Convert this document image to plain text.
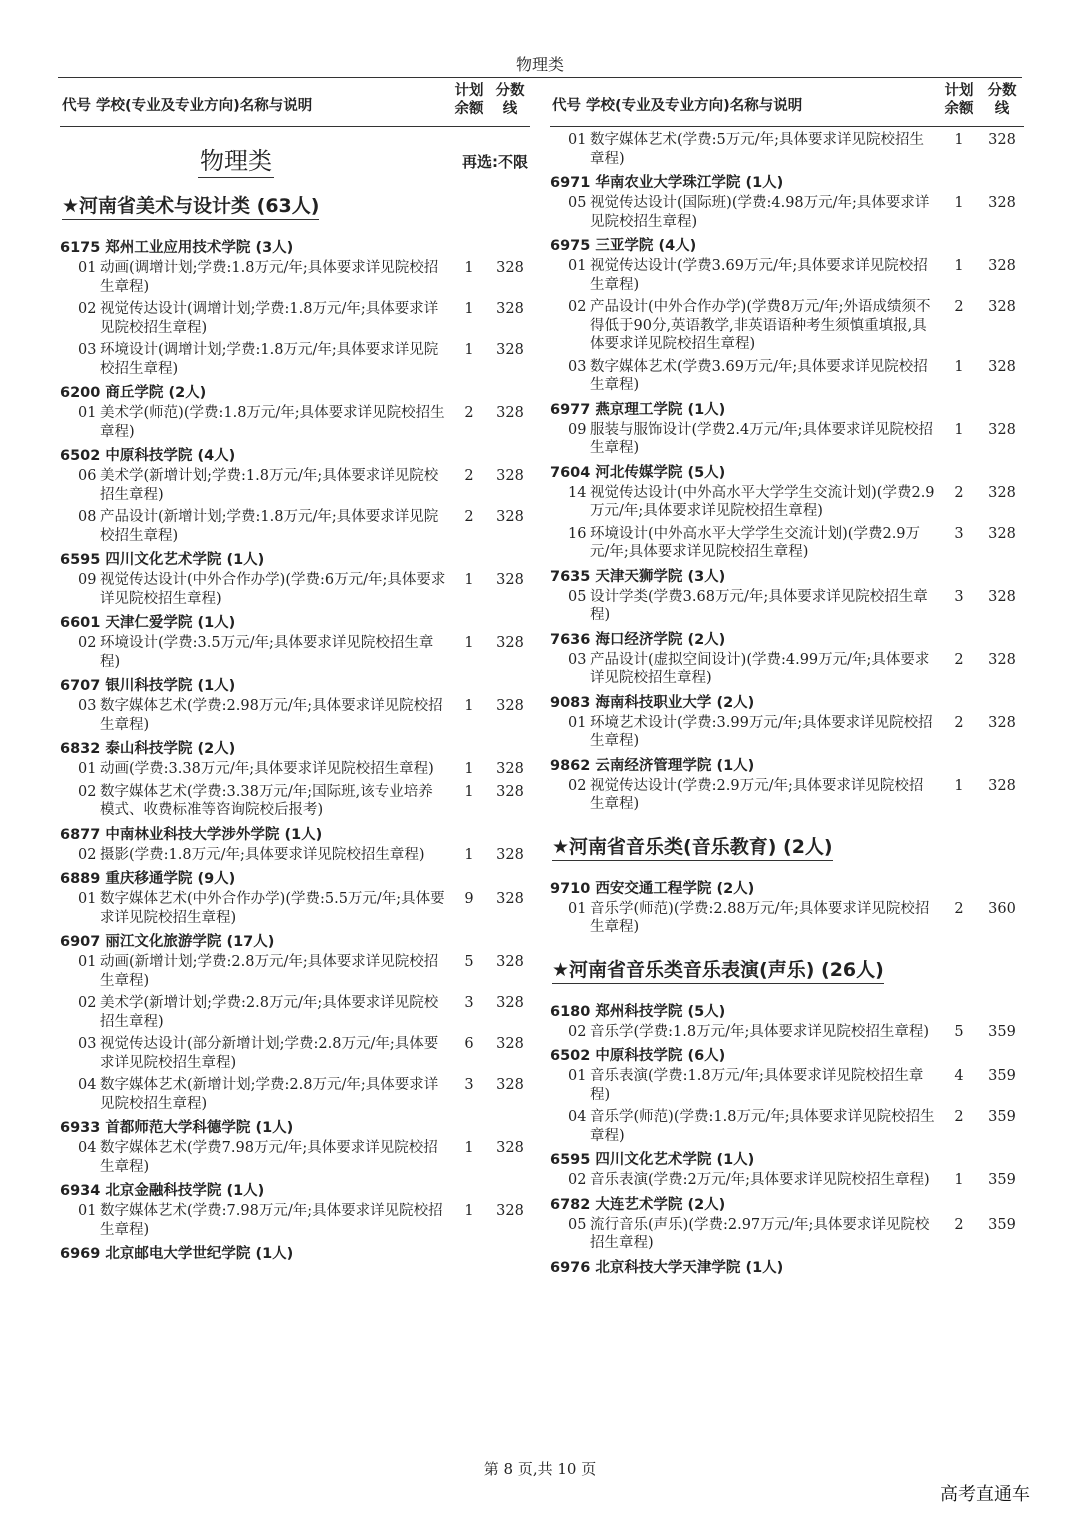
物理类
代号 学校(专业及专业方向)名称与说明
计划
余额
分数
线
物理类	再选:不限
★河南省美术与设计类 (63人)
6175 郑州工业应用技术学院 (3人)
01 动画(调增计划;学费:1.8万元/年;具体要求详见院校招生章程)
1	328
02 视觉传达设计(调增计划;学费:1.8万元/年;具体要求详见院校招生章程)
1	328
03 环境设计(调增计划;学费:1.8万元/年;具体要求详见院校招生章程)
1	328
6200 商丘学院 (2人)
01 美术学(师范)(学费:1.8万元/年;具体要求详见院校招生章程)
2	328
6502 中原科技学院 (4人)
06 美术学(新增计划;学费:1.8万元/年;具体要求详见院校招生章程)
2	328
08 产品设计(新增计划;学费:1.8万元/年;具体要求详见院校招生章程)
2	328
6595 四川文化艺术学院 (1人)
09 视觉传达设计(中外合作办学)(学费:6万元/年;具体要求详见院校招生章程)
1	328
6601 天津仁爱学院 (1人)
02 环境设计(学费:3.5万元/年;具体要求详见院校招生章程)
1	328
6707 银川科技学院 (1人)
03 数字媒体艺术(学费:2.98万元/年;具体要求详见院校招生章程)
1	328
6832 泰山科技学院 (2人)
01 动画(学费:3.38万元/年;具体要求详见院校招生章程)	1	328
02 数字媒体艺术(学费:3.38万元/年;国际班,该专业培养模式、收费标准等咨询院校后报考)
1	328
6877 中南林业科技大学涉外学院 (1人)
02 摄影(学费:1.8万元/年;具体要求详见院校招生章程)	1	328
6889 重庆移通学院 (9人)
01 数字媒体艺术(中外合作办学)(学费:5.5万元/年;具体要求详见院校招生章程)
9	328
6907 丽江文化旅游学院 (17人)
01 动画(新增计划;学费:2.8万元/年;具体要求详见院校招生章程)
5	328
02 美术学(新增计划;学费:2.8万元/年;具体要求详见院校招生章程)
3	328
03 视觉传达设计(部分新增计划;学费:2.8万元/年;具体要求详见院校招生章程)
6	328
04 数字媒体艺术(新增计划;学费:2.8万元/年;具体要求详见院校招生章程)
3	328
6933 首都师范大学科德学院 (1人)
04 数字媒体艺术(学费7.98万元/年;具体要求详见院校招生章程)
1	328
6934 北京金融科技学院 (1人)
01 数字媒体艺术(学费:7.98万元/年;具体要求详见院校招生章程)
1	328
6969 北京邮电大学世纪学院 (1人)
代号 学校(专业及专业方向)名称与说明
计划
余额
分数
线
01 数字媒体艺术(学费:5万元/年;具体要求详见院校招生章程)
1	328
6971 华南农业大学珠江学院 (1人)
05 视觉传达设计(国际班)(学费:4.98万元/年;具体要求详见院校招生章程)
1	328
6975 三亚学院 (4人)
01 视觉传达设计(学费3.69万元/年;具体要求详见院校招生章程)
1	328
02 产品设计(中外合作办学)(学费8万元/年;外语成绩须不得低于90分,英语教学,非英语语种考生须慎重填报,具体要求详见院校招生章程)
2	328
03 数字媒体艺术(学费3.69万元/年;具体要求详见院校招生章程)
1	328
6977 燕京理工学院 (1人)
09 服装与服饰设计(学费2.4万元/年;具体要求详见院校招生章程)
1	328
7604 河北传媒学院 (5人)
14 视觉传达设计(中外高水平大学学生交流计划)(学费2.9万元/年;具体要求详见院校招生章程)
2	328
16 环境设计(中外高水平大学学生交流计划)(学费2.9万元/年;具体要求详见院校招生章程)
3	328
7635 天津天狮学院 (3人)
05 设计学类(学费3.68万元/年;具体要求详见院校招生章程)
3	328
7636 海口经济学院 (2人)
03 产品设计(虚拟空间设计)(学费:4.99万元/年;具体要求详见院校招生章程)
2	328
9083 海南科技职业大学 (2人)
01 环境艺术设计(学费:3.99万元/年;具体要求详见院校招生章程)
2	328
9862 云南经济管理学院 (1人)
02 视觉传达设计(学费:2.9万元/年;具体要求详见院校招生章程)
1	328
★河南省音乐类(音乐教育) (2人)
9710 西安交通工程学院 (2人)
01 音乐学(师范)(学费:2.88万元/年;具体要求详见院校招生章程)
2	360
★河南省音乐类音乐表演(声乐) (26人)
6180 郑州科技学院 (5人)
02 音乐学(学费:1.8万元/年;具体要求详见院校招生章程)	5	359
6502 中原科技学院 (6人)
01 音乐表演(学费:1.8万元/年;具体要求详见院校招生章程)
4	359
04 音乐学(师范)(学费:1.8万元/年;具体要求详见院校招生章程)
2	359
6595 四川文化艺术学院 (1人)
02 音乐表演(学费:2万元/年;具体要求详见院校招生章程)	1	359
6782 大连艺术学院 (2人)
05 流行音乐(声乐)(学费:2.97万元/年;具体要求详见院校招生章程)
2	359
6976 北京科技大学天津学院 (1人)
第 8 页,共 10 页
高考直通车
